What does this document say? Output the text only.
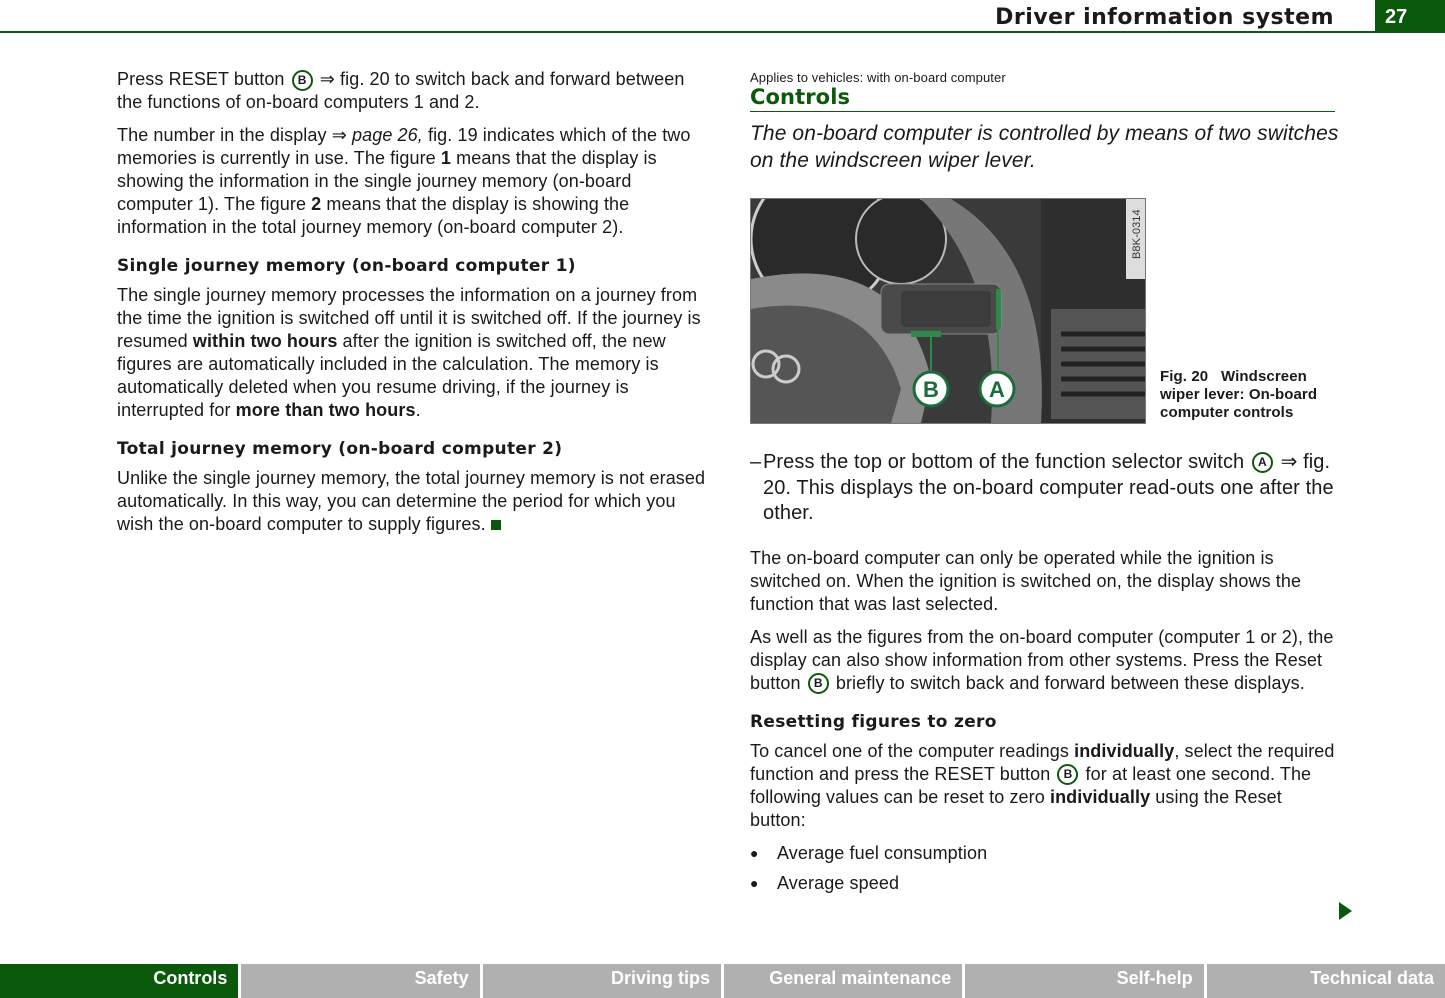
Driver information system	27

Press RESET button B ⇒ fig. 20 to switch back and forward between the functions of on-board computers 1 and 2.

The number in the display ⇒ page 26, fig. 19 indicates which of the two memories is currently in use. The figure 1 means that the display is showing the information in the single journey memory (on-board computer 1). The figure 2 means that the display is showing the information in the total journey memory (on-board computer 2).

Single journey memory (on-board computer 1)

The single journey memory processes the information on a journey from the time the ignition is switched off until it is switched off. If the journey is resumed within two hours after the ignition is switched off, the new figures are automatically included in the calculation. The memory is automatically deleted when you resume driving, if the journey is interrupted for more than two hours.

Total journey memory (on-board computer 2)

Unlike the single journey memory, the total journey memory is not erased automatically. In this way, you can determine the period for which you wish the on-board computer to supply figures.

Applies to vehicles: with on-board computer
Controls
The on-board computer is controlled by means of two switches on the windscreen wiper lever.
B8K-0314
B A
Fig. 20 Windscreen wiper lever: On-board computer controls
– Press the top or bottom of the function selector switch A ⇒ fig. 20. This displays the on-board computer read-outs one after the other.

The on-board computer can only be operated while the ignition is switched on. When the ignition is switched on, the display shows the function that was last selected.

As well as the figures from the on-board computer (computer 1 or 2), the display can also show information from other systems. Press the Reset button B briefly to switch back and forward between these displays.

Resetting figures to zero

To cancel one of the computer readings individually, select the required function and press the RESET button B for at least one second. The following values can be reset to zero individually using the Reset button:

●	Average fuel consumption
●	Average speed
Controls	Safety	Driving tips	General maintenance	Self-help	Technical data
